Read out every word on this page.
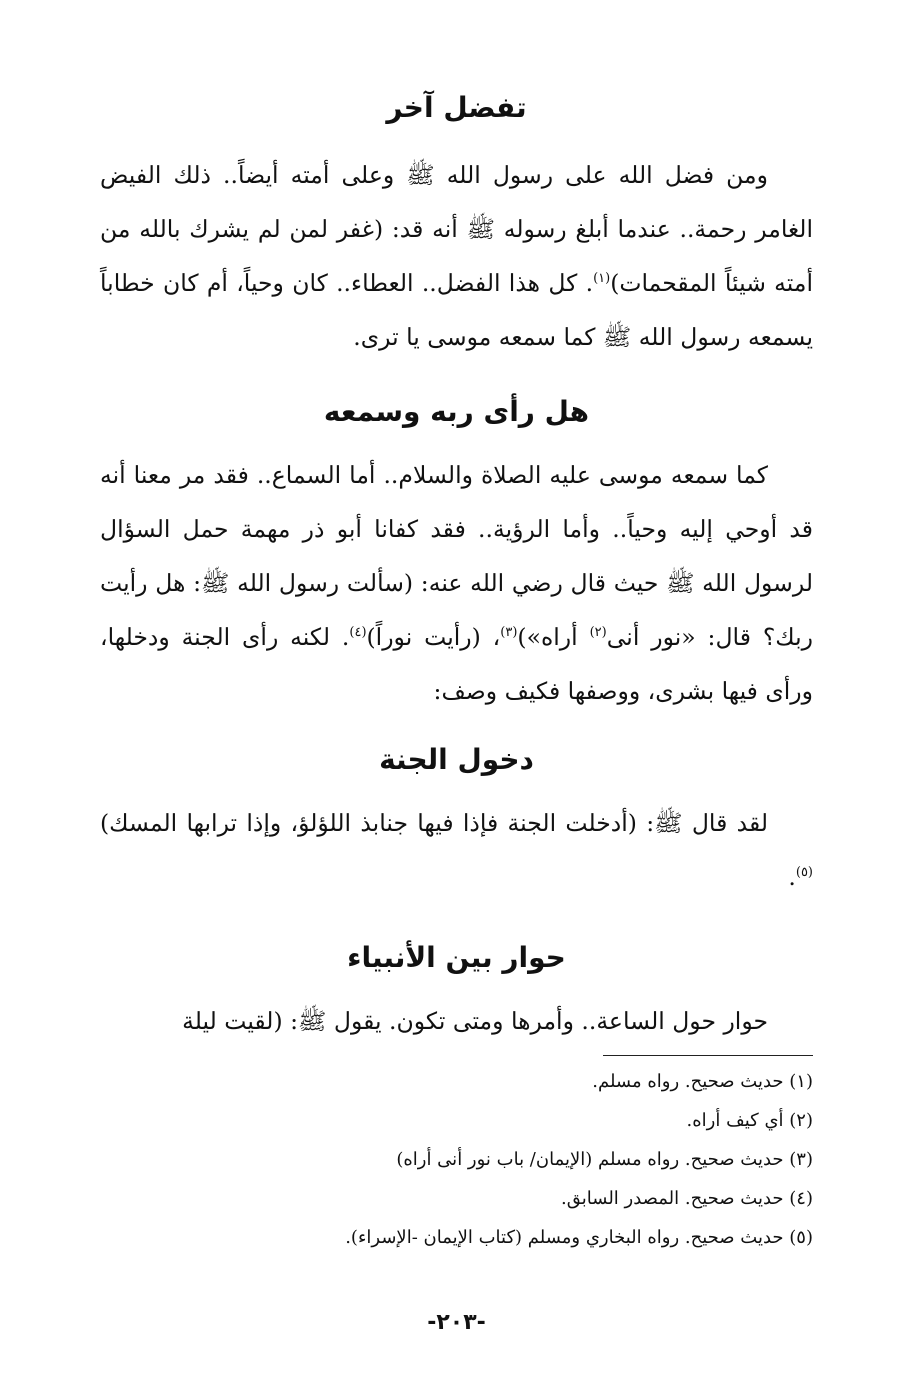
تفضل آخر

ومن فضل الله على رسول الله ﷺ وعلى أمته أيضاً.. ذلك الفيض الغامر رحمة.. عندما أبلغ رسوله ﷺ أنه قد: (غفر لمن لم يشرك بالله من أمته شيئاً المقحمات)$^{(١)}$. كل هذا الفضل.. العطاء.. كان وحياً، أم كان خطاباً يسمعه رسول الله ﷺ كما سمعه موسى يا ترى.

هل رأى ربه وسمعه

كما سمعه موسى عليه الصلاة والسلام.. أما السماع.. فقد مر معنا أنه قد أوحي إليه وحياً.. وأما الرؤية.. فقد كفانا أبو ذر مهمة حمل السؤال لرسول الله ﷺ حيث قال رضي الله عنه: (سألت رسول الله ﷺ: هل رأيت ربك؟ قال: «نور أنى$^{(٢)}$ أراه»)$^{(٣)}$، (رأيت نوراً)$^{(٤)}$. لكنه رأى الجنة ودخلها، ورأى فيها بشرى، ووصفها فكيف وصف:

دخول الجنة

لقد قال ﷺ: (أدخلت الجنة فإذا فيها جنابذ اللؤلؤ، وإذا ترابها المسك)$^{(٥)}$.

حوار بين الأنبياء

حوار حول الساعة.. وأمرها ومتى تكون. يقول ﷺ: (لقيت ليلة

(١) حديث صحيح. رواه مسلم.
(٢) أي كيف أراه.
(٣) حديث صحيح. رواه مسلم (الإيمان/ باب نور أنى أراه)
(٤) حديث صحيح. المصدر السابق.
(٥) حديث صحيح. رواه البخاري ومسلم (كتاب الإيمان -الإسراء).
-٢٠٣-
